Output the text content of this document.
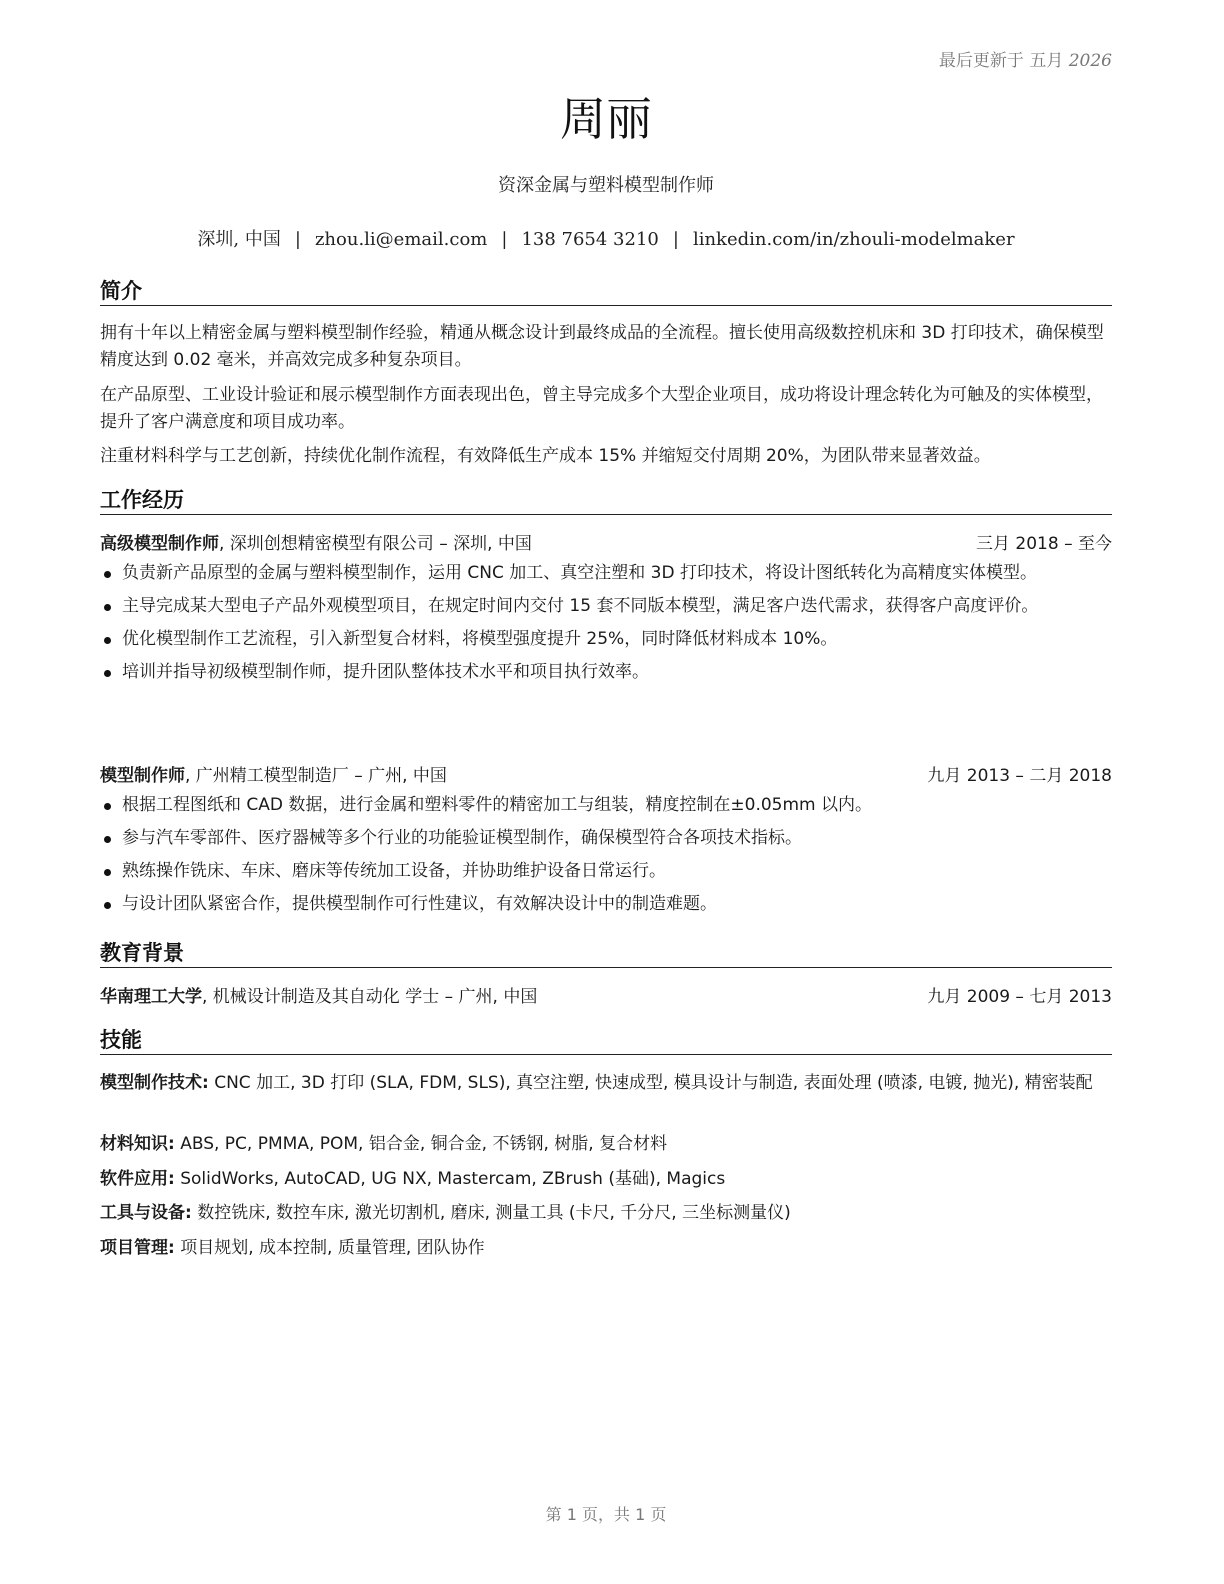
最后更新于 五月 2026
周丽
资深金属与塑料模型制作师
深圳, 中国 | zhou.li@email.com | 138 7654 3210 | linkedin.com/in/zhouli-modelmaker
简介
拥有十年以上精密金属与塑料模型制作经验，精通从概念设计到最终成品的全流程。擅长使用高级数控机床和 3D 打印技术，确保模型精度达到 0.02 毫米，并高效完成多种复杂项目。
在产品原型、工业设计验证和展示模型制作方面表现出色，曾主导完成多个大型企业项目，成功将设计理念转化为可触及的实体模型，提升了客户满意度和项目成功率。
注重材料科学与工艺创新，持续优化制作流程，有效降低生产成本 15% 并缩短交付周期 20%，为团队带来显著效益。
工作经历
高级模型制作师, 深圳创想精密模型有限公司 – 深圳, 中国	三月 2018 – 至今
负责新产品原型的金属与塑料模型制作，运用 CNC 加工、真空注塑和 3D 打印技术，将设计图纸转化为高精度实体模型。
主导完成某大型电子产品外观模型项目，在规定时间内交付 15 套不同版本模型，满足客户迭代需求，获得客户高度评价。
优化模型制作工艺流程，引入新型复合材料，将模型强度提升 25%，同时降低材料成本 10%。
培训并指导初级模型制作师，提升团队整体技术水平和项目执行效率。
模型制作师, 广州精工模型制造厂 – 广州, 中国	九月 2013 – 二月 2018
根据工程图纸和 CAD 数据，进行金属和塑料零件的精密加工与组装，精度控制在±0.05mm 以内。
参与汽车零部件、医疗器械等多个行业的功能验证模型制作，确保模型符合各项技术指标。
熟练操作铣床、车床、磨床等传统加工设备，并协助维护设备日常运行。
与设计团队紧密合作，提供模型制作可行性建议，有效解决设计中的制造难题。
教育背景
华南理工大学, 机械设计制造及其自动化 学士 – 广州, 中国	九月 2009 – 七月 2013
技能
模型制作技术: CNC 加工, 3D 打印 (SLA, FDM, SLS), 真空注塑, 快速成型, 模具设计与制造, 表面处理 (喷漆, 电镀, 抛光), 精密装配
材料知识: ABS, PC, PMMA, POM, 铝合金, 铜合金, 不锈钢, 树脂, 复合材料
软件应用: SolidWorks, AutoCAD, UG NX, Mastercam, ZBrush (基础), Magics
工具与设备: 数控铣床, 数控车床, 激光切割机, 磨床, 测量工具 (卡尺, 千分尺, 三坐标测量仪)
项目管理: 项目规划, 成本控制, 质量管理, 团队协作
第 1 页，共 1 页
